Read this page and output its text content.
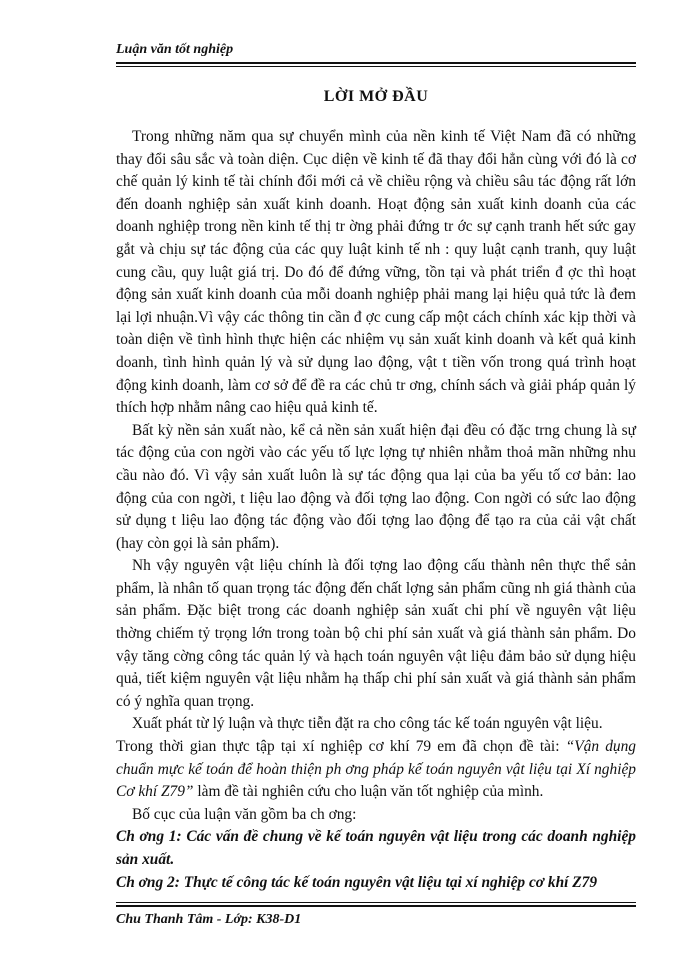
Luận văn tốt nghiệp
LỜI MỞ ĐẦU

Trong những năm qua sự chuyển mình của nền kinh tế Việt Nam đã có những thay đổi sâu sắc và toàn diện. Cục diện về kinh tế đã thay đổi hẳn cùng với đó là cơ chế quản lý kinh tế tài chính đổi mới cả về chiều rộng và chiều sâu tác động rất lớn đến doanh nghiệp sản xuất kinh doanh. Hoạt động sản xuất kinh doanh của các doanh nghiệp trong nền kinh tế thị tr ờng phải đứng tr ớc sự cạnh tranh hết sức gay gắt và chịu sự tác động của các quy luật kinh tế nh : quy luật cạnh tranh, quy luật cung cầu, quy luật giá trị. Do đó để đứng vững, tồn tại và phát triển đ ợc thì hoạt động sản xuất kinh doanh của mỗi doanh nghiệp phải mang lại hiệu quả tức là đem lại lợi nhuận.Vì vậy các thông tin cần đ ợc cung cấp một cách chính xác kịp thời và toàn diện về tình hình thực hiện các nhiệm vụ sản xuất kinh doanh và kết quả kinh doanh, tình hình quản lý và sử dụng lao động, vật t tiền vốn trong quá trình hoạt động kinh doanh, làm cơ sở để đề ra các chủ tr ơng, chính sách và giải pháp quản lý thích hợp nhằm nâng cao hiệu quả kinh tế.

Bất kỳ nền sản xuất nào, kể cả nền sản xuất hiện đại đều có đặc trng chung là sự tác động của con ngời vào các yếu tố lực lợng tự nhiên nhằm thoả mãn những nhu cầu nào đó. Vì vậy sản xuất luôn là sự tác động qua lại của ba yếu tố cơ bản: lao động của con ngời, t liệu lao động và đối tợng lao động. Con ngời có sức lao động sử dụng t liệu lao động tác động vào đối tợng lao động để tạo ra của cải vật chất (hay còn gọi là sản phẩm).

Nh vậy nguyên vật liệu chính là đối tợng lao động cấu thành nên thực thể sản phẩm, là nhân tố quan trọng tác động đến chất lợng sản phẩm cũng nh giá thành của sản phẩm. Đặc biệt trong các doanh nghiệp sản xuất chi phí về nguyên vật liệu thờng chiếm tỷ trọng lớn trong toàn bộ chi phí sản xuất và giá thành sản phẩm. Do vậy tăng cờng công tác quản lý và hạch toán nguyên vật liệu đảm bảo sử dụng hiệu quả, tiết kiệm nguyên vật liệu nhằm hạ thấp chi phí sản xuất và giá thành sản phẩm có ý nghĩa quan trọng.

Xuất phát từ lý luận và thực tiễn đặt ra cho công tác kế toán nguyên vật liệu.

Trong thời gian thực tập tại xí nghiệp cơ khí 79 em đã chọn đề tài: “Vận dụng chuẩn mực kế toán để hoàn thiện ph ơng pháp kế toán nguyên vật liệu tại Xí nghiệp Cơ khí Z79” làm đề tài nghiên cứu cho luận văn tốt nghiệp của mình.

Bố cục của luận văn gồm ba ch ơng:

Ch ơng 1: Các vấn đề chung về kế toán nguyên vật liệu trong các doanh nghiệp sản xuất.

Ch ơng 2: Thực tế công tác kế toán nguyên vật liệu tại xí nghiệp cơ khí Z79

Chu Thanh Tâm - Lớp: K38-D1
